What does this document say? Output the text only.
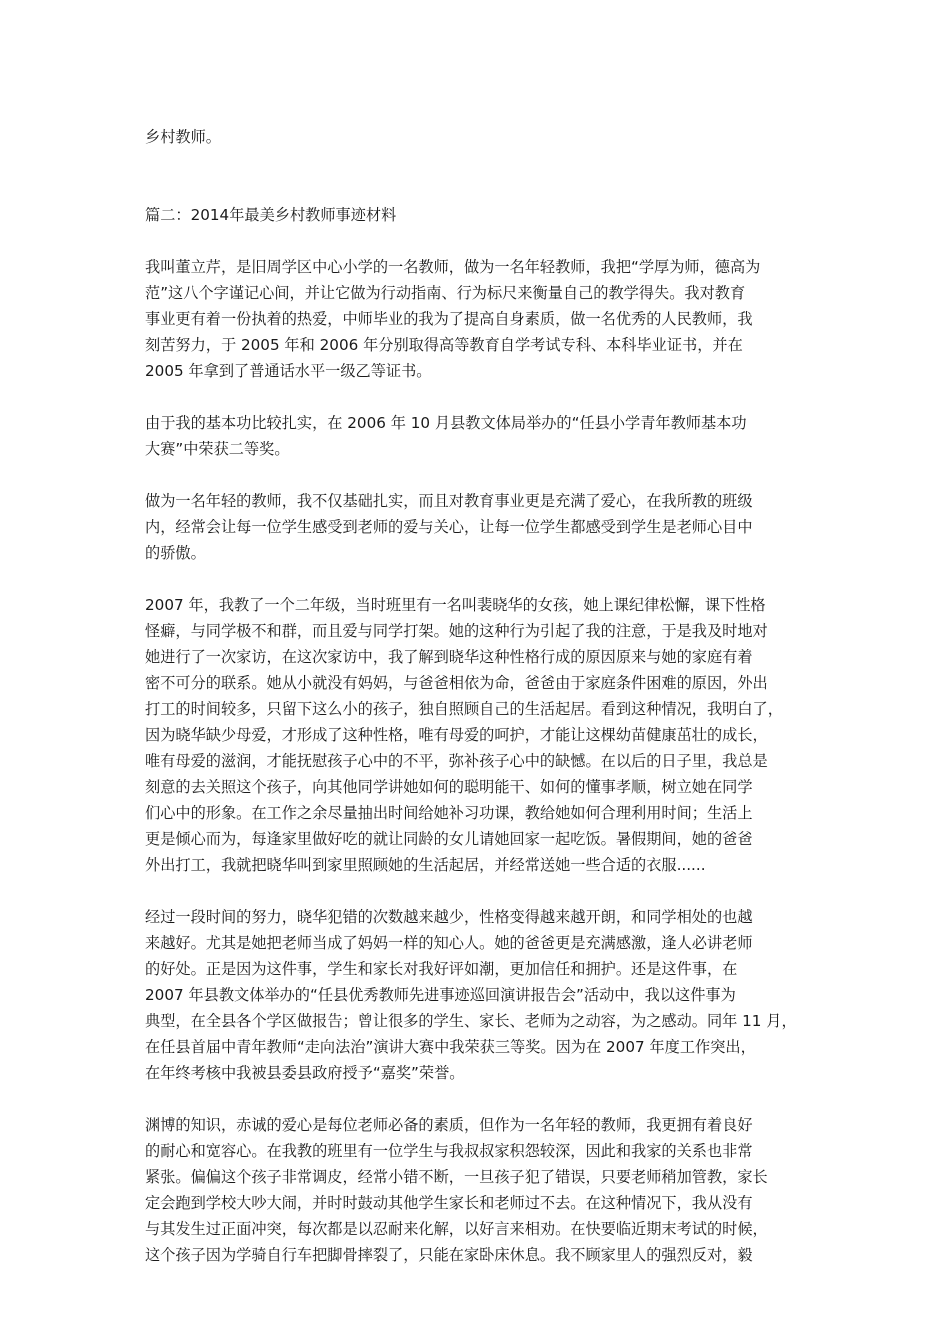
乡村教师。
篇二：2014年最美乡村教师事迹材料
我叫董立芹，是旧周学区中心小学的一名教师，做为一名年轻教师，我把“学厚为师，德高为
范”这八个字谨记心间，并让它做为行动指南、行为标尺来衡量自己的教学得失。我对教育
事业更有着一份执着的热爱，中师毕业的我为了提高自身素质，做一名优秀的人民教师，我
刻苦努力，于 2005 年和 2006 年分别取得高等教育自学考试专科、本科毕业证书，并在
2005 年拿到了普通话水平一级乙等证书。
由于我的基本功比较扎实，在 2006 年 10 月县教文体局举办的“任县小学青年教师基本功
大赛”中荣获二等奖。
做为一名年轻的教师，我不仅基础扎实，而且对教育事业更是充满了爱心，在我所教的班级
内，经常会让每一位学生感受到老师的爱与关心，让每一位学生都感受到学生是老师心目中
的骄傲。
2007 年，我教了一个二年级，当时班里有一名叫裴晓华的女孩，她上课纪律松懈，课下性格
怪癖，与同学极不和群，而且爱与同学打架。她的这种行为引起了我的注意，于是我及时地对
她进行了一次家访，在这次家访中，我了解到晓华这种性格行成的原因原来与她的家庭有着
密不可分的联系。她从小就没有妈妈，与爸爸相依为命，爸爸由于家庭条件困难的原因，外出
打工的时间较多，只留下这么小的孩子，独自照顾自己的生活起居。看到这种情况，我明白了，
因为晓华缺少母爱，才形成了这种性格，唯有母爱的呵护，才能让这棵幼苗健康茁壮的成长，
唯有母爱的滋润，才能抚慰孩子心中的不平，弥补孩子心中的缺憾。在以后的日子里，我总是
刻意的去关照这个孩子，向其他同学讲她如何的聪明能干、如何的懂事孝顺，树立她在同学
们心中的形象。在工作之余尽量抽出时间给她补习功课，教给她如何合理利用时间；生活上
更是倾心而为，每逢家里做好吃的就让同龄的女儿请她回家一起吃饭。暑假期间，她的爸爸
外出打工，我就把晓华叫到家里照顾她的生活起居，并经常送她一些合适的衣服......
经过一段时间的努力，晓华犯错的次数越来越少，性格变得越来越开朗，和同学相处的也越
来越好。尤其是她把老师当成了妈妈一样的知心人。她的爸爸更是充满感激，逢人必讲老师
的好处。正是因为这件事，学生和家长对我好评如潮，更加信任和拥护。还是这件事，在
2007 年县教文体举办的“任县优秀教师先进事迹巡回演讲报告会”活动中，我以这件事为
典型，在全县各个学区做报告；曾让很多的学生、家长、老师为之动容，为之感动。同年 11 月，
在任县首届中青年教师“走向法治”演讲大赛中我荣获三等奖。因为在 2007 年度工作突出，
在年终考核中我被县委县政府授予“嘉奖”荣誉。
渊博的知识，赤诚的爱心是每位老师必备的素质，但作为一名年轻的教师，我更拥有着良好
的耐心和宽容心。在我教的班里有一位学生与我叔叔家积怨较深，因此和我家的关系也非常
紧张。偏偏这个孩子非常调皮，经常小错不断，一旦孩子犯了错误，只要老师稍加管教，家长
定会跑到学校大吵大闹，并时时鼓动其他学生家长和老师过不去。在这种情况下，我从没有
与其发生过正面冲突，每次都是以忍耐来化解，以好言来相劝。在快要临近期末考试的时候，
这个孩子因为学骑自行车把脚骨摔裂了，只能在家卧床休息。我不顾家里人的强烈反对，毅
